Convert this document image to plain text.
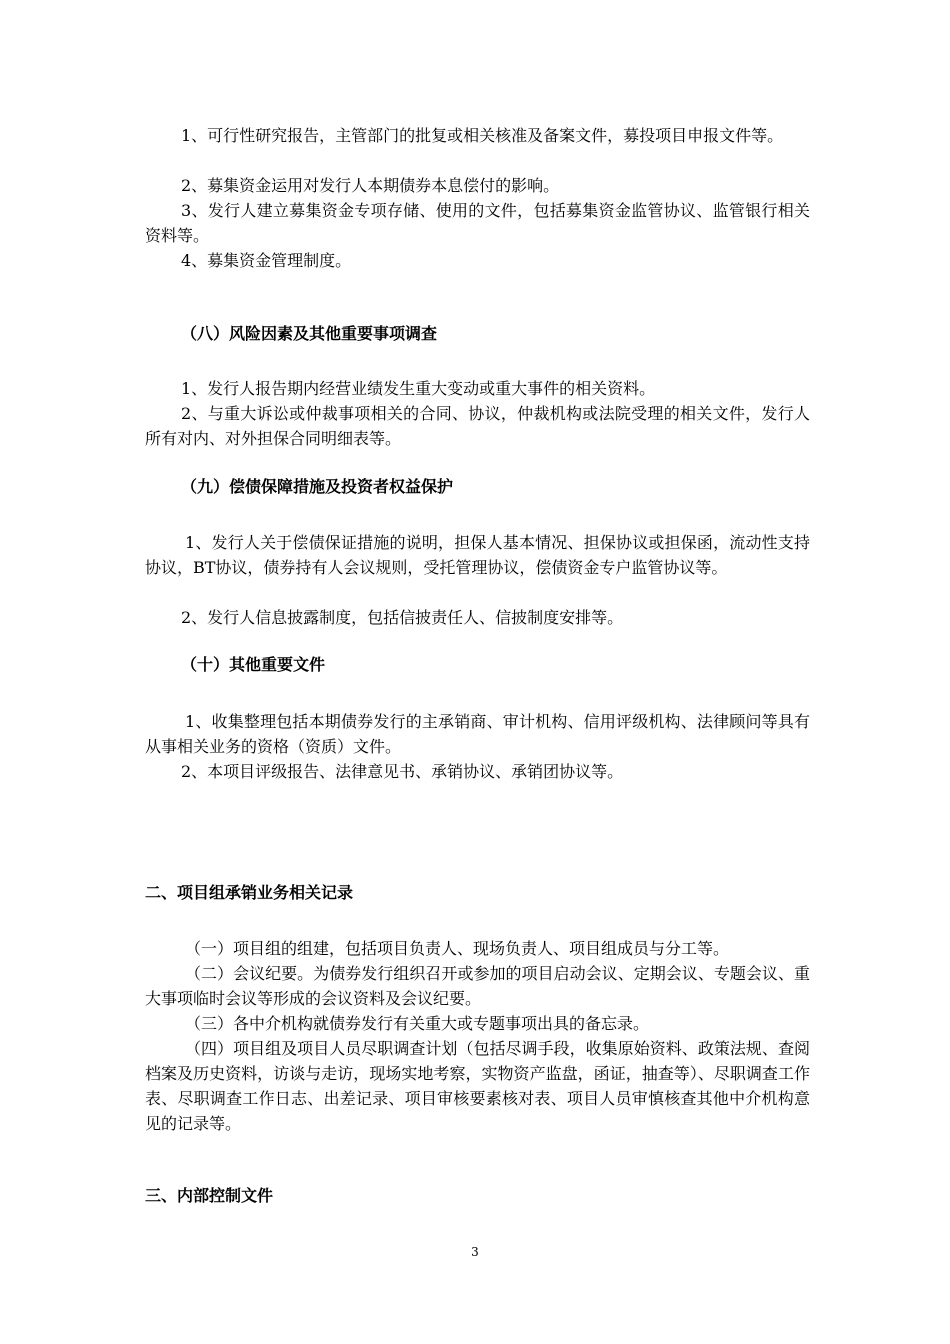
1、可行性研究报告，主管部门的批复或相关核准及备案文件，募投项目申报文件等。

2、募集资金运用对发行人本期债券本息偿付的影响。

3、发行人建立募集资金专项存储、使用的文件，包括募集资金监管协议、监管银行相关资料等。

4、募集资金管理制度。

（八）风险因素及其他重要事项调查

1、发行人报告期内经营业绩发生重大变动或重大事件的相关资料。

2、与重大诉讼或仲裁事项相关的合同、协议，仲裁机构或法院受理的相关文件，发行人所有对内、对外担保合同明细表等。

（九）偿债保障措施及投资者权益保护

1、发行人关于偿债保证措施的说明，担保人基本情况、担保协议或担保函，流动性支持协议，BT协议，债券持有人会议规则，受托管理协议，偿债资金专户监管协议等。

2、发行人信息披露制度，包括信披责任人、信披制度安排等。

（十）其他重要文件

1、收集整理包括本期债券发行的主承销商、审计机构、信用评级机构、法律顾问等具有从事相关业务的资格（资质）文件。

2、本项目评级报告、法律意见书、承销协议、承销团协议等。

二、项目组承销业务相关记录

（一）项目组的组建，包括项目负责人、现场负责人、项目组成员与分工等。

（二）会议纪要。为债券发行组织召开或参加的项目启动会议、定期会议、专题会议、重大事项临时会议等形成的会议资料及会议纪要。

（三）各中介机构就债券发行有关重大或专题事项出具的备忘录。

（四）项目组及项目人员尽职调查计划（包括尽调手段，收集原始资料、政策法规、查阅档案及历史资料，访谈与走访，现场实地考察，实物资产监盘，函证，抽查等）、尽职调查工作表、尽职调查工作日志、出差记录、项目审核要素核对表、项目人员审慎核查其他中介机构意见的记录等。

三、内部控制文件

3
